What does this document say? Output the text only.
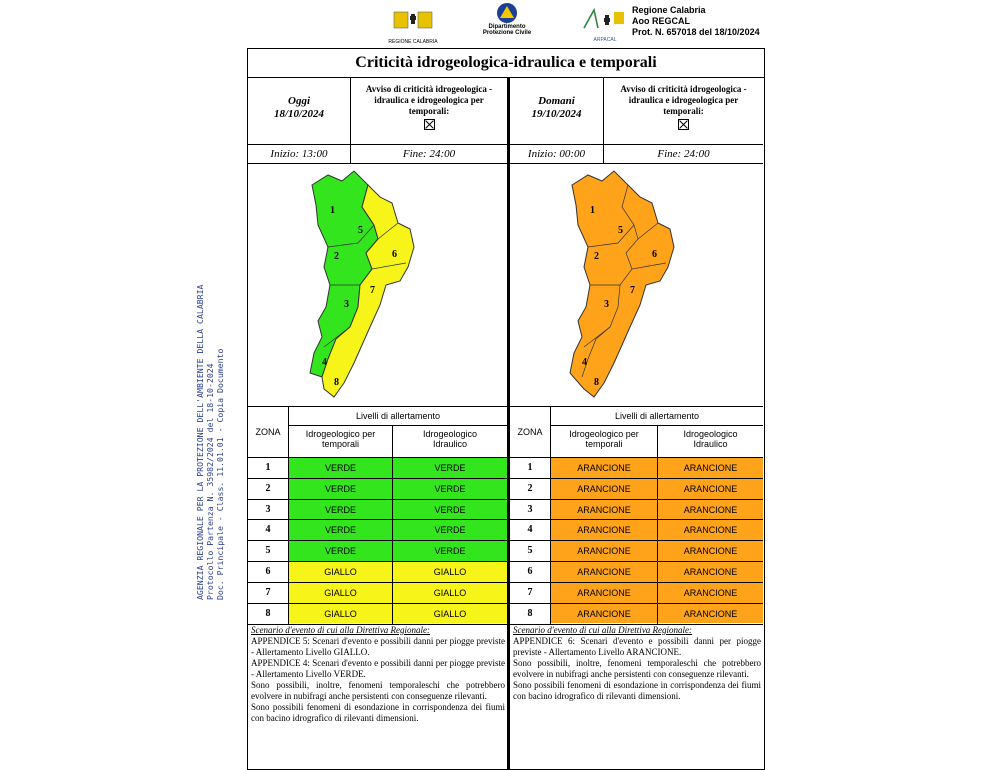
REGIONE CALABRIA
Dipartimento
Protezione Civile
ARPACAL
Regione Calabria
Aoo REGCAL
Prot. N. 657018 del 18/10/2024
AGENZIA REGIONALE PER LA PROTEZIONE DELL'AMBIENTE DELLA CALABRIA Protocollo Partenza N. 35982/2024 del 18-10-2024 Doc. Principale - Class. 11.01.01 - Copia Documento
Criticità idrogeologica-idraulica e temporali
Oggi
18/10/2024
Avviso di criticità idrogeologica - idraulica e idrogeologica per temporali:
Inizio: 13:00	Fine: 24:00
Domani
19/10/2024
Avviso di criticità idrogeologica - idraulica e idrogeologica per temporali:
Inizio: 00:00	Fine: 24:00
1
2
3
4
5
6
7
8
1
2
3
4
5
6
7
8
ZONA
Livelli di allertamento
Idrogeologico per temporali
Idrogeologico Idraulico
1	VERDE	VERDE
2	VERDE	VERDE
3	VERDE	VERDE
4	VERDE	VERDE
5	VERDE	VERDE
6	GIALLO	GIALLO
7	GIALLO	GIALLO
8	GIALLO	GIALLO
ZONA
Livelli di allertamento
Idrogeologico per temporali
Idrogeologico Idraulico
1	ARANCIONE	ARANCIONE
2	ARANCIONE	ARANCIONE
3	ARANCIONE	ARANCIONE
4	ARANCIONE	ARANCIONE
5	ARANCIONE	ARANCIONE
6	ARANCIONE	ARANCIONE
7	ARANCIONE	ARANCIONE
8	ARANCIONE	ARANCIONE
Scenario d'evento di cui alla Direttiva Regionale:
APPENDICE 5: Scenari d'evento e possibili danni per piogge previste - Allertamento Livello GIALLO.
APPENDICE 4: Scenari d'evento e possibili danni per piogge previste - Allertamento Livello VERDE.
Sono possibili, inoltre, fenomeni temporaleschi che potrebbero evolvere in nubifragi anche persistenti con conseguenze rilevanti.
Sono possibili fenomeni di esondazione in corrispondenza dei fiumi con bacino idrografico di rilevanti dimensioni.
Scenario d'evento di cui alla Direttiva Regionale:
APPENDICE 6: Scenari d'evento e possibili danni per piogge previste - Allertamento Livello ARANCIONE.
Sono possibili, inoltre, fenomeni temporaleschi che potrebbero evolvere in nubifragi anche persistenti con conseguenze rilevanti.
Sono possibili fenomeni di esondazione in corrispondenza dei fiumi con bacino idrografico di rilevanti dimensioni.
